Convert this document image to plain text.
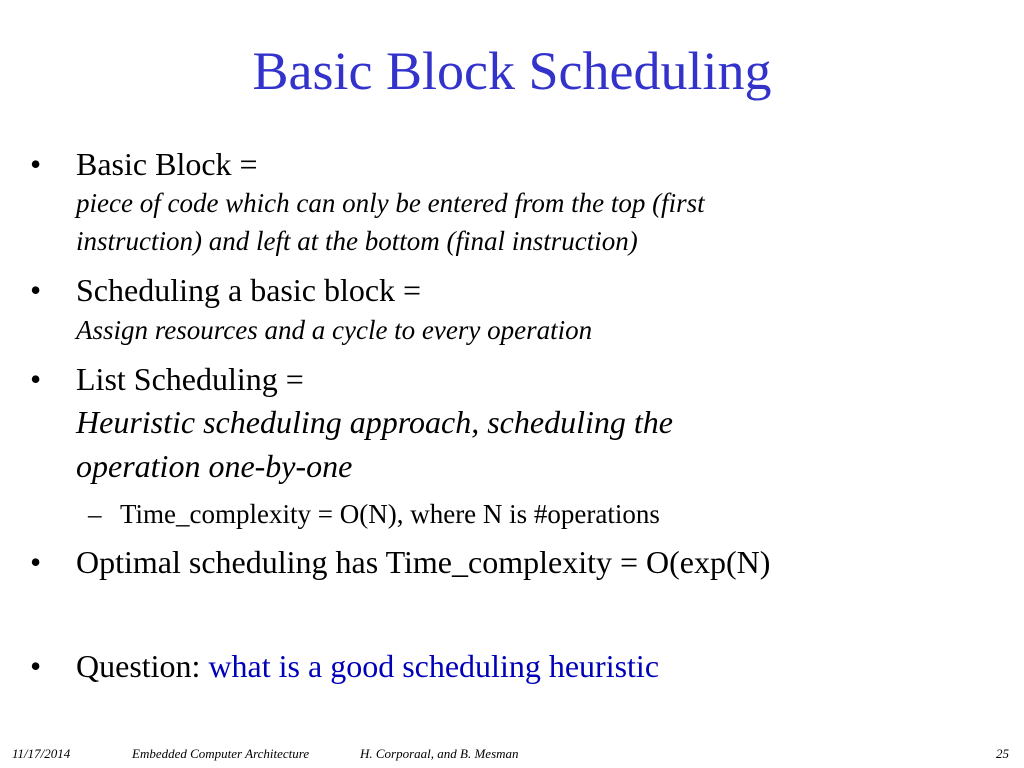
Basic Block Scheduling
• Basic Block =
piece of code which can only be entered from the top (first
instruction) and left at the bottom (final instruction)
• Scheduling a basic block =
Assign resources and a cycle to every operation
• List Scheduling =
Heuristic scheduling approach, scheduling the
operation one-by-one
– Time_complexity = O(N), where N is #operations
• Optimal scheduling has Time_complexity = O(exp(N)
• Question: what is a good scheduling heuristic
11/17/2014	Embedded Computer Architecture	H. Corporaal, and B. Mesman	25
